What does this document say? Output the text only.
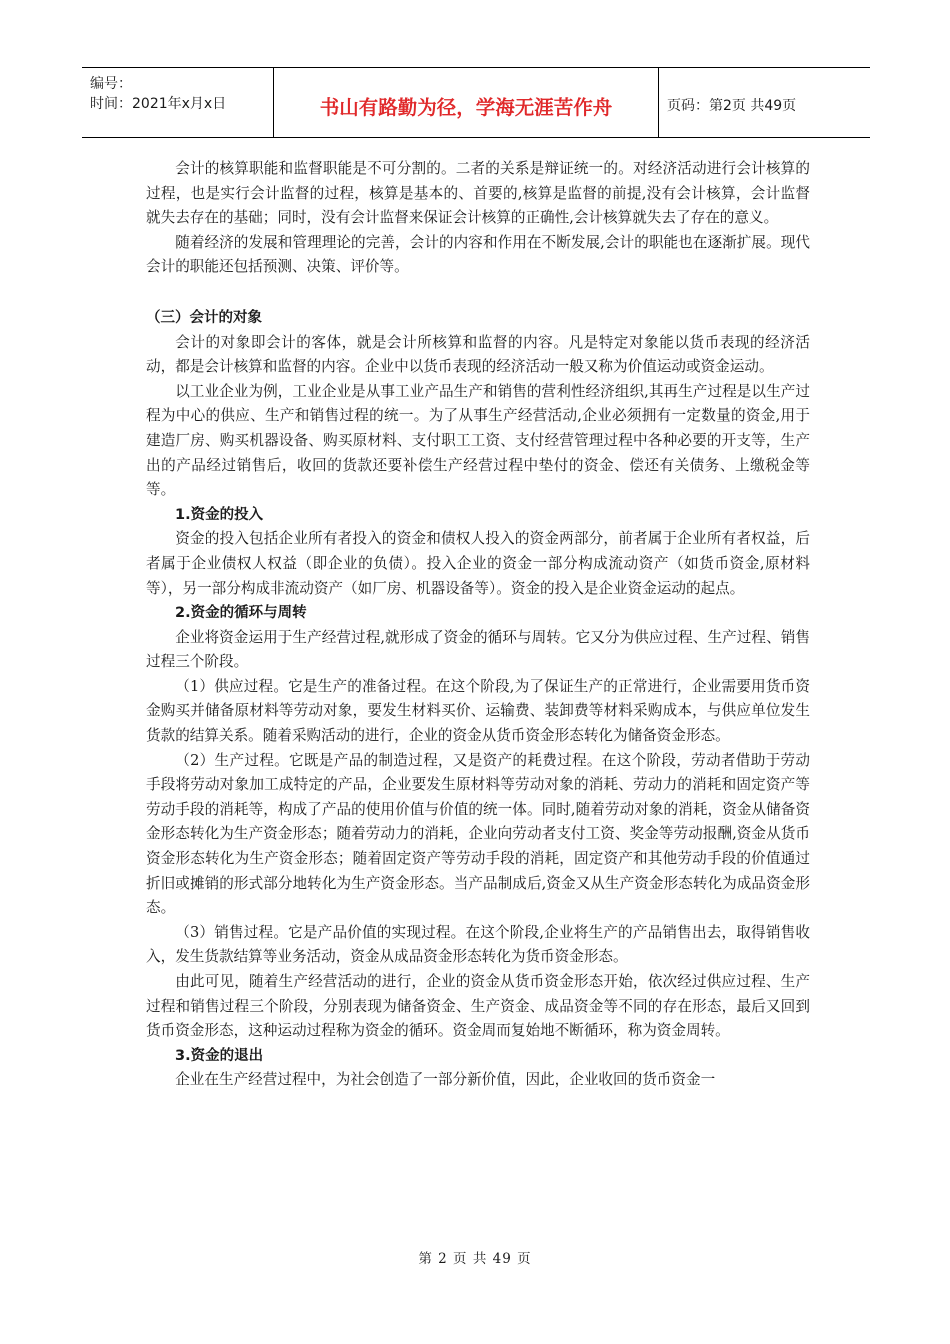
编号：
时间：2021年x月x日	书山有路勤为径，学海无涯苦作舟	页码：第2页 共49页

会计的核算职能和监督职能是不可分割的。二者的关系是辩证统一的。对经济活动进行会计核算的过程，也是实行会计监督的过程，核算是基本的、首要的,核算是监督的前提,没有会计核算，会计监督就失去存在的基础；同时，没有会计监督来保证会计核算的正确性,会计核算就失去了存在的意义。

随着经济的发展和管理理论的完善，会计的内容和作用在不断发展,会计的职能也在逐渐扩展。现代会计的职能还包括预测、决策、评价等。

（三）会计的对象

会计的对象即会计的客体，就是会计所核算和监督的内容。凡是特定对象能以货币表现的经济活动，都是会计核算和监督的内容。企业中以货币表现的经济活动一般又称为价值运动或资金运动。

以工业企业为例，工业企业是从事工业产品生产和销售的营利性经济组织,其再生产过程是以生产过程为中心的供应、生产和销售过程的统一。为了从事生产经营活动,企业必须拥有一定数量的资金,用于建造厂房、购买机器设备、购买原材料、支付职工工资、支付经营管理过程中各种必要的开支等，生产出的产品经过销售后，收回的货款还要补偿生产经营过程中垫付的资金、偿还有关债务、上缴税金等等。

1.资金的投入

资金的投入包括企业所有者投入的资金和债权人投入的资金两部分，前者属于企业所有者权益，后者属于企业债权人权益（即企业的负债）。投入企业的资金一部分构成流动资产（如货币资金,原材料等），另一部分构成非流动资产（如厂房、机器设备等）。资金的投入是企业资金运动的起点。

2.资金的循环与周转

企业将资金运用于生产经营过程,就形成了资金的循环与周转。它又分为供应过程、生产过程、销售过程三个阶段。

（1）供应过程。它是生产的准备过程。在这个阶段,为了保证生产的正常进行，企业需要用货币资金购买并储备原材料等劳动对象，要发生材料买价、运输费、装卸费等材料采购成本，与供应单位发生货款的结算关系。随着采购活动的进行，企业的资金从货币资金形态转化为储备资金形态。

（2）生产过程。它既是产品的制造过程，又是资产的耗费过程。在这个阶段，劳动者借助于劳动手段将劳动对象加工成特定的产品，企业要发生原材料等劳动对象的消耗、劳动力的消耗和固定资产等劳动手段的消耗等，构成了产品的使用价值与价值的统一体。同时,随着劳动对象的消耗，资金从储备资金形态转化为生产资金形态；随着劳动力的消耗，企业向劳动者支付工资、奖金等劳动报酬,资金从货币资金形态转化为生产资金形态；随着固定资产等劳动手段的消耗，固定资产和其他劳动手段的价值通过折旧或摊销的形式部分地转化为生产资金形态。当产品制成后,资金又从生产资金形态转化为成品资金形态。

（3）销售过程。它是产品价值的实现过程。在这个阶段,企业将生产的产品销售出去，取得销售收入，发生货款结算等业务活动，资金从成品资金形态转化为货币资金形态。

由此可见，随着生产经营活动的进行，企业的资金从货币资金形态开始，依次经过供应过程、生产过程和销售过程三个阶段，分别表现为储备资金、生产资金、成品资金等不同的存在形态，最后又回到货币资金形态，这种运动过程称为资金的循环。资金周而复始地不断循环，称为资金周转。

3.资金的退出

企业在生产经营过程中，为社会创造了一部分新价值，因此，企业收回的货币资金一

第 2 页 共 49 页
